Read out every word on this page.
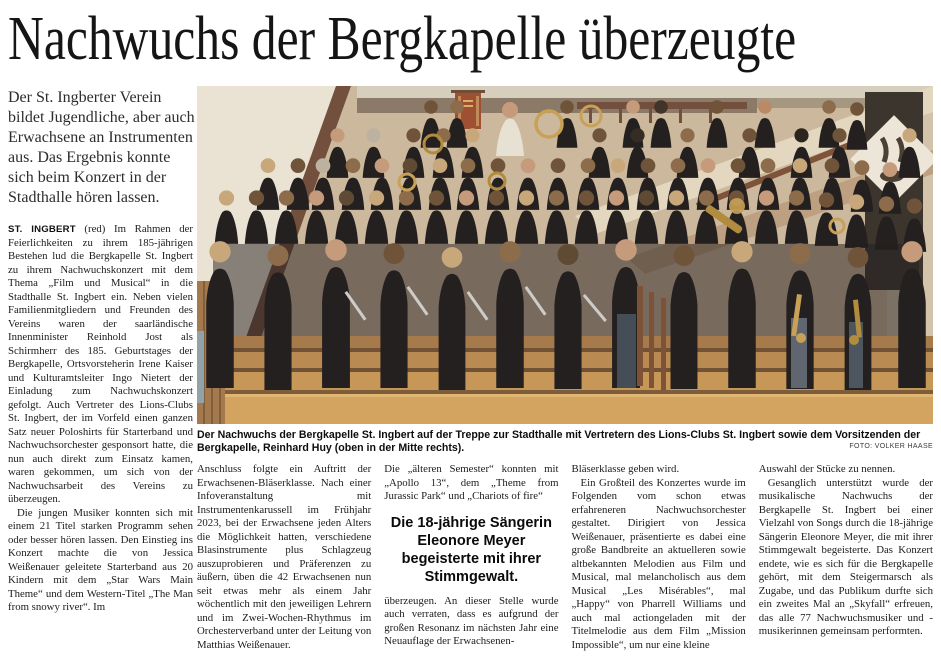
Nachwuchs der Bergkapelle überzeugte

Der St. Ingberter Verein bildet Jugendliche, aber auch Erwachsene an Instrumenten aus. Das Ergebnis konnte sich beim Konzert in der Stadthalle hören lassen.

ST. INGBERT (red) Im Rahmen der Feierlichkeiten zu ihrem 185-jährigen Bestehen lud die Bergkapelle St. Ingbert zu ihrem Nachwuchskonzert mit dem Thema „Film und Musical“ in die Stadthalle St. Ingbert ein. Neben vielen Familienmitgliedern und Freunden des Vereins waren der saarländische Innenminister Reinhold Jost als Schirmherr des 185. Geburtstages der Bergkapelle, Ortsvorsteherin Irene Kaiser und Kulturamtsleiter Ingo Nietert der Einladung zum Nachwuchskonzert gefolgt. Auch Vertreter des Lions-Clubs St. Ingbert, der im Vorfeld einen ganzen Satz neuer Poloshirts für Starterband und Nachwuchsorchester gesponsort hatte, die nun auch direkt zum Einsatz kamen, waren gekommen, um sich von der Nachwuchsarbeit des Vereins zu überzeugen.

Die jungen Musiker konnten sich mit einem 21 Titel starken Programm sehen oder besser hören lassen. Den Einstieg ins Konzert machte die von Jessica Weißenauer geleitete Starterband aus 20 Kindern mit dem „Star Wars Main Theme“ und dem Western-Titel „The Man from snowy river“. Im

Der Nachwuchs der Bergkapelle St. Ingbert auf der Treppe zur Stadthalle mit Vertretern des Lions-Clubs St. Ingbert sowie dem Vorsitzenden der Bergkapelle, Reinhard Huy (oben in der Mitte rechts).	FOTO: VOLKER HAASE

Anschluss folgte ein Auftritt der Erwachsenen-Bläserklasse. Nach einer Infoveranstaltung mit Instrumentenkarussell im Frühjahr 2023, bei der Erwachsene jeden Alters die Möglichkeit hatten, verschiedene Blasinstrumente plus Schlagzeug auszuprobieren und Präferenzen zu äußern, üben die 42 Erwachsenen nun seit etwas mehr als einem Jahr wöchentlich mit den jeweiligen Lehrern und im Zwei-Wochen-Rhythmus im Orchesterverband unter der Leitung von Matthias Weißenauer.

Die „älteren Semester“ konnten mit „Apollo 13“, dem „Theme from Jurassic Park“ und „Chariots of fire“

Die 18-jährige Sängerin Eleonore Meyer begeisterte mit ihrer Stimmgewalt.

überzeugen. An dieser Stelle wurde auch verraten, dass es aufgrund der großen Resonanz im nächsten Jahr eine Neuauflage der Erwachsenen-

Bläserklasse geben wird.

Ein Großteil des Konzertes wurde im Folgenden vom schon etwas erfahreneren Nachwuchsorchester gestaltet. Dirigiert von Jessica Weißenauer, präsentierte es dabei eine große Bandbreite an aktuelleren sowie altbekannten Melodien aus Film und Musical, mal melancholisch aus dem Musical „Les Misérables“, mal „Happy“ von Pharrell Williams und auch mal actiongeladen mit der Titelmelodie aus dem Film „Mission Impossible“, um nur eine kleine

Auswahl der Stücke zu nennen.

Gesanglich unterstützt wurde der musikalische Nachwuchs der Bergkapelle St. Ingbert bei einer Vielzahl von Songs durch die 18-jährige Sängerin Eleonore Meyer, die mit ihrer Stimmgewalt begeisterte. Das Konzert endete, wie es sich für die Bergkapelle gehört, mit dem Steigermarsch als Zugabe, und das Publikum durfte sich ein zweites Mal an „Skyfall“ erfreuen, das alle 77 Nachwuchsmusiker und -musikerinnen gemeinsam performten.
